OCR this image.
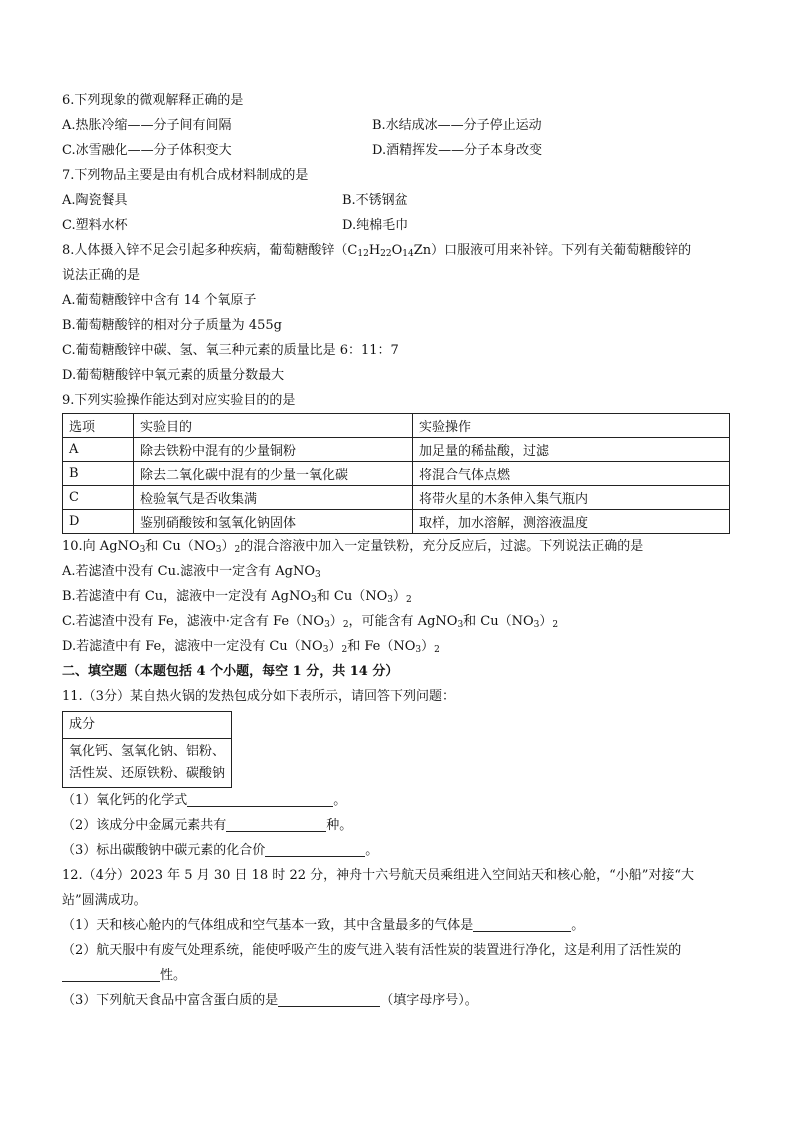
6.下列现象的微观解释正确的是
A.热胀冷缩——分子间有间隔	B.水结成冰——分子停止运动
C.冰雪融化——分子体积变大	D.酒精挥发——分子本身改变
7.下列物品主要是由有机合成材料制成的是
A.陶瓷餐具	B.不锈钢盆
C.塑料水杯	D.纯棉毛巾
8.人体摄入锌不足会引起多种疾病，葡萄糖酸锌$(C_{12}H_{22}O_{14}Zn)$口服液可用来补锌。下列有关葡萄糖酸锌的
说法正确的是
A.葡萄糖酸锌中含有 14 个氧原子
B.葡萄糖酸锌的相对分子质量为 455g
C.葡萄糖酸锌中碳、氢、氧三种元素的质量比是 6：11：7
D.葡萄糖酸锌中氧元素的质量分数最大
9.下列实验操作能达到对应实验目的的是
选项	实验目的	实验操作
A	除去铁粉中混有的少量铜粉	加足量的稀盐酸，过滤
B	除去二氧化碳中混有的少量一氧化碳	将混合气体点燃
C	检验氧气是否收集满	将带火星的木条伸入集气瓶内
D	鉴别硝酸铵和氢氧化钠固体	取样，加水溶解，测溶液温度
10.向 AgNO$_3$和 $Cu(NO_3)_2$的混合溶液中加入一定量铁粉，充分反应后，过滤。下列说法正确的是
A.若滤渣中没有 Cu.滤液中一定含有 AgNO$_3$
B.若滤渣中有 Cu，滤液中一定没有 AgNO$_3$和 $Cu(NO_3)_2$
C.若滤渣中没有 Fe，滤液中·定含有 $Fe(NO_3)_2$，可能含有 AgNO$_3$和 $Cu(NO_3)_2$
D.若滤渣中有 Fe，滤液中一定没有 $Cu(NO_3)_2$和 $Fe(NO_3)_2$
二、填空题（本题包括 4 个小题，每空 1 分，共 14 分）
11.（3分）某自热火锅的发热包成分如下表所示，请回答下列问题：
成分

氧化钙、氢氧化钠、铝粉、
活性炭、还原铁粉、碳酸钠
（1）氧化钙的化学式	。
（2）该成分中金属元素共有	种。
（3）标出碳酸钠中碳元素的化合价	。
12.（4分）2023 年 5 月 30 日 18 时 22 分，神舟十六号航天员乘组进入空间站天和核心舱，“小船”对接“大
站”圆满成功。
（1）天和核心舱内的气体组成和空气基本一致，其中含量最多的气体是	。
（2）航天服中有废气处理系统，能使呼吸产生的废气进入装有活性炭的装置进行净化，这是利用了活性炭的
性。
（3）下列航天食品中富含蛋白质的是	（填字母序号）。
